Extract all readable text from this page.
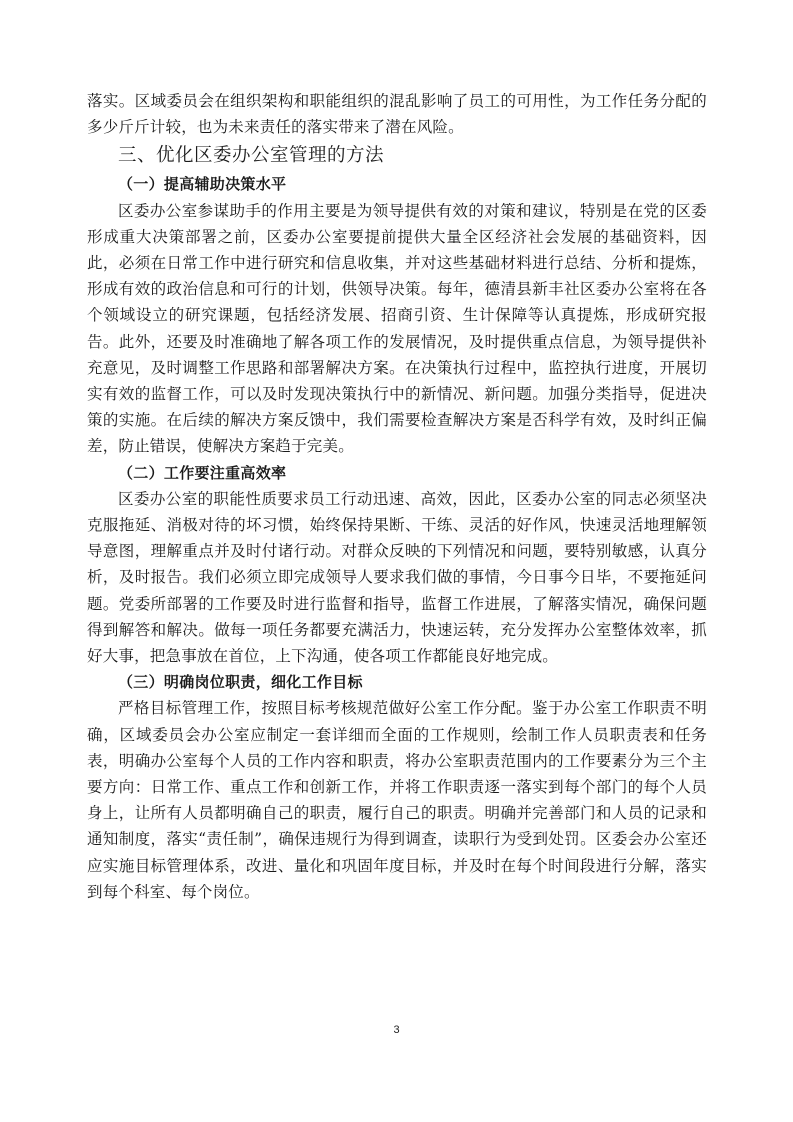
落实。区域委员会在组织架构和职能组织的混乱影响了员工的可用性，为工作任务分配的多少斤斤计较，也为未来责任的落实带来了潜在风险。

三、优化区委办公室管理的方法
（一）提高辅助决策水平

区委办公室参谋助手的作用主要是为领导提供有效的对策和建议，特别是在党的区委形成重大决策部署之前，区委办公室要提前提供大量全区经济社会发展的基础资料，因此，必须在日常工作中进行研究和信息收集，并对这些基础材料进行总结、分析和提炼，形成有效的政治信息和可行的计划，供领导决策。每年，德清县新丰社区委办公室将在各个领域设立的研究课题，包括经济发展、招商引资、生计保障等认真提炼，形成研究报告。此外，还要及时准确地了解各项工作的发展情况，及时提供重点信息，为领导提供补充意见，及时调整工作思路和部署解决方案。在决策执行过程中，监控执行进度，开展切实有效的监督工作，可以及时发现决策执行中的新情况、新问题。加强分类指导，促进决策的实施。在后续的解决方案反馈中，我们需要检查解决方案是否科学有效，及时纠正偏差，防止错误，使解决方案趋于完美。

（二）工作要注重高效率

区委办公室的职能性质要求员工行动迅速、高效，因此，区委办公室的同志必须坚决克服拖延、消极对待的坏习惯，始终保持果断、干练、灵活的好作风，快速灵活地理解领导意图，理解重点并及时付诸行动。对群众反映的下列情况和问题，要特别敏感，认真分析，及时报告。我们必须立即完成领导人要求我们做的事情，今日事今日毕，不要拖延问题。党委所部署的工作要及时进行监督和指导，监督工作进展，了解落实情况，确保问题得到解答和解决。做每一项任务都要充满活力，快速运转，充分发挥办公室整体效率，抓好大事，把急事放在首位，上下沟通，使各项工作都能良好地完成。

（三）明确岗位职责，细化工作目标

严格目标管理工作，按照目标考核规范做好公室工作分配。鉴于办公室工作职责不明确，区域委员会办公室应制定一套详细而全面的工作规则，绘制工作人员职责表和任务表，明确办公室每个人员的工作内容和职责，将办公室职责范围内的工作要素分为三个主要方向：日常工作、重点工作和创新工作，并将工作职责逐一落实到每个部门的每个人员身上，让所有人员都明确自己的职责，履行自己的职责。明确并完善部门和人员的记录和通知制度，落实“责任制”，确保违规行为得到调查，读职行为受到处罚。区委会办公室还应实施目标管理体系，改进、量化和巩固年度目标，并及时在每个时间段进行分解，落实到每个科室、每个岗位。

3
